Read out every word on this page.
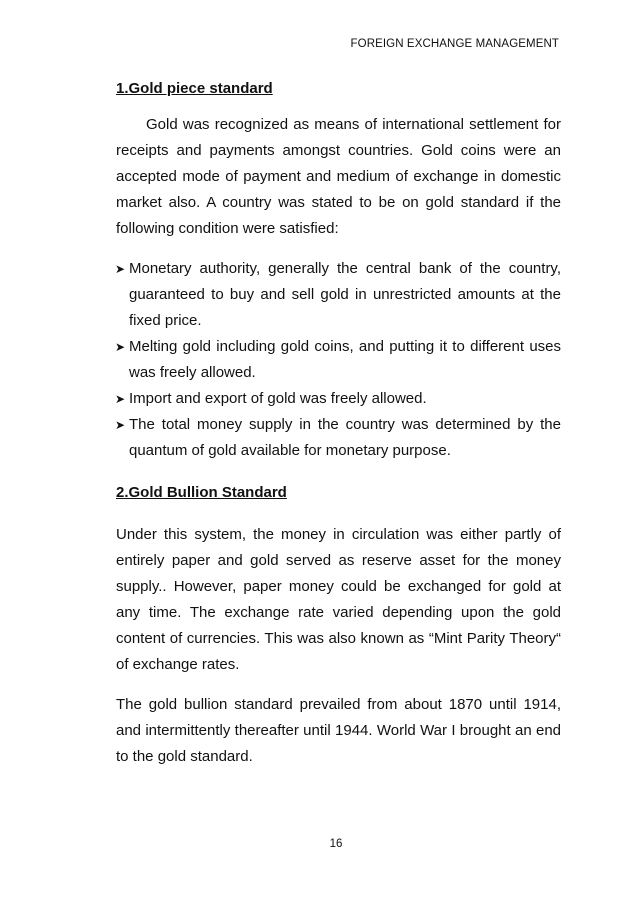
FOREIGN EXCHANGE MANAGEMENT

1.Gold piece standard

Gold was recognized as means of international settlement for receipts and payments amongst countries. Gold coins were an accepted mode of payment and medium of exchange in domestic market also. A country was stated to be on gold standard if the following condition were satisfied:

➤ Monetary authority, generally the central bank of the country, guaranteed to buy and sell gold in unrestricted amounts at the fixed price.
➤ Melting gold including gold coins, and putting it to different uses was freely allowed.
➤ Import and export of gold was freely allowed.
➤ The total money supply in the country was determined by the quantum of gold available for monetary purpose.

2.Gold Bullion Standard

Under this system, the money in circulation was either partly of entirely paper and gold served as reserve asset for the money supply.. However, paper money could be exchanged for gold at any time. The exchange rate varied depending upon the gold content of currencies. This was also known as “Mint Parity Theory“ of exchange rates.

The gold bullion standard prevailed from about 1870 until 1914, and intermittently thereafter until 1944. World War I brought an end to the gold standard.

16
